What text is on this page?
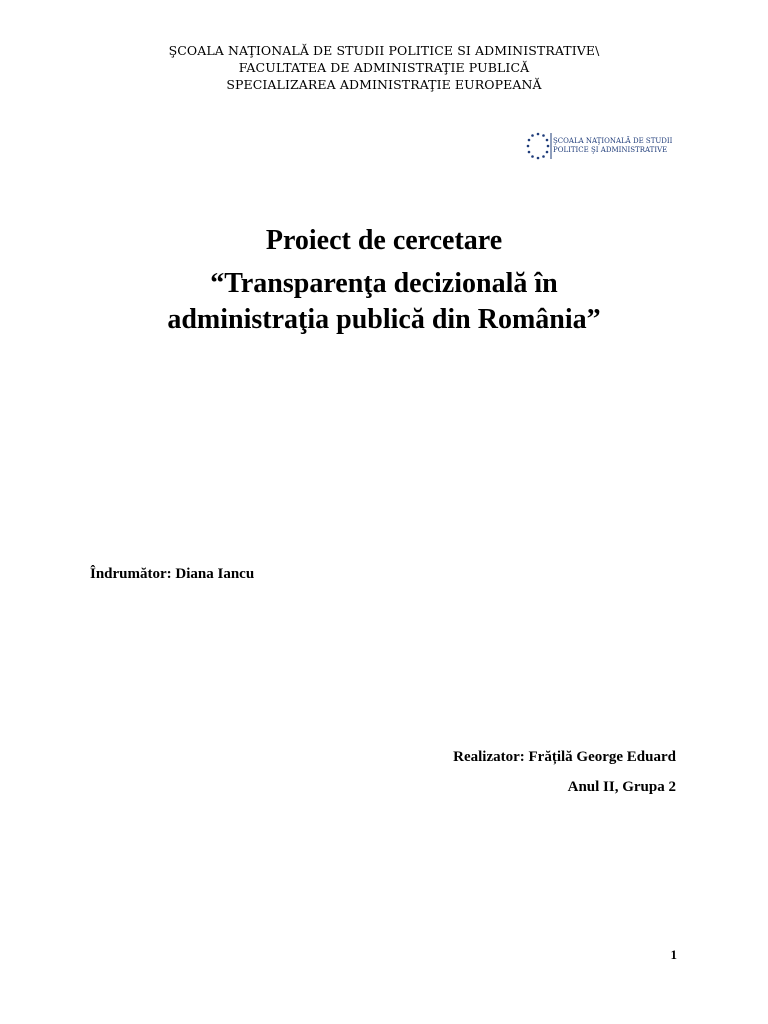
ŞCOALA NAŢIONALĂ DE STUDII POLITICE SI ADMINISTRATIVE\
FACULTATEA DE ADMINISTRAŢIE PUBLICĂ
SPECIALIZAREA ADMINISTRAŢIE EUROPEANĂ
ŞCOALA NAŢIONALĂ DE STUDII
POLITICE ŞI ADMINISTRATIVE
Proiect de cercetare
“Transparenţa decizională în
administraţia publică din România”
Îndrumător: Diana Iancu
Realizator: Frățilă George Eduard
Anul II, Grupa 2
1
